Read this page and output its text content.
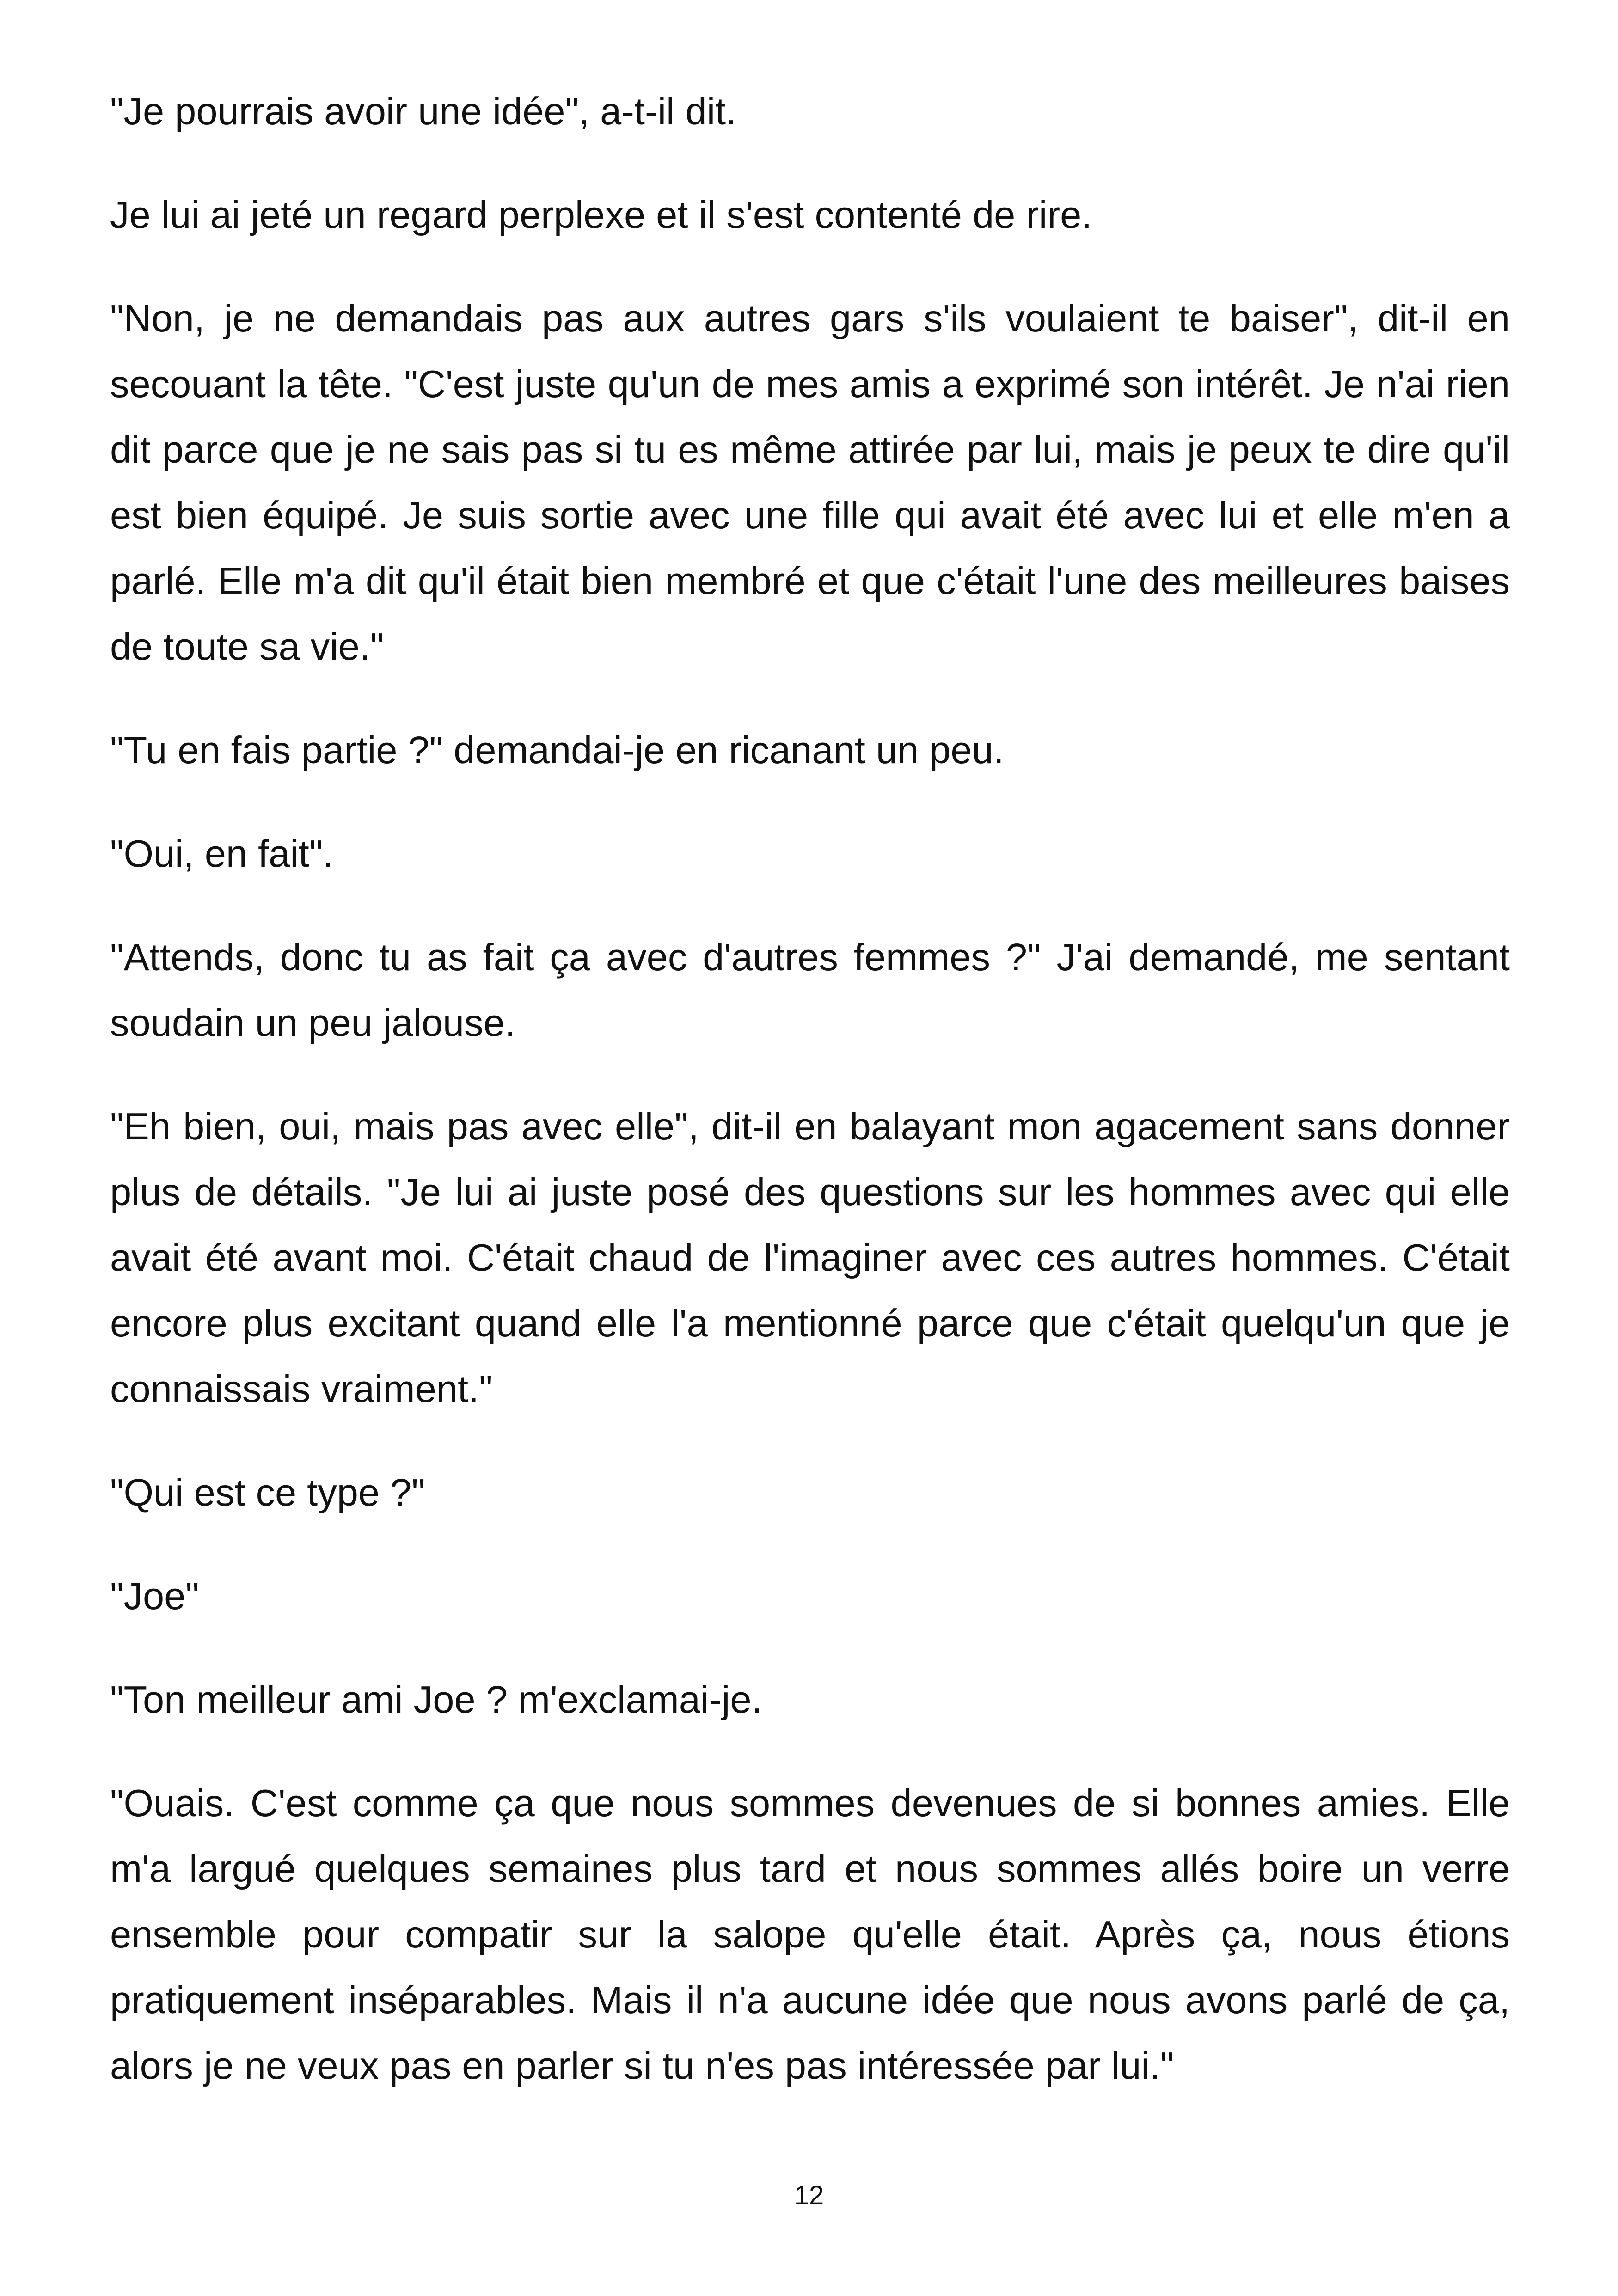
"Je pourrais avoir une idée", a-t-il dit.

Je lui ai jeté un regard perplexe et il s'est contenté de rire.

"Non, je ne demandais pas aux autres gars s'ils voulaient te baiser", dit-il en secouant la tête. "C'est juste qu'un de mes amis a exprimé son intérêt. Je n'ai rien dit parce que je ne sais pas si tu es même attirée par lui, mais je peux te dire qu'il est bien équipé. Je suis sortie avec une fille qui avait été avec lui et elle m'en a parlé. Elle m'a dit qu'il était bien membré et que c'était l'une des meilleures baises de toute sa vie."

"Tu en fais partie ?" demandai-je en ricanant un peu.

"Oui, en fait".

"Attends, donc tu as fait ça avec d'autres femmes ?" J'ai demandé, me sentant soudain un peu jalouse.

"Eh bien, oui, mais pas avec elle", dit-il en balayant mon agacement sans donner plus de détails. "Je lui ai juste posé des questions sur les hommes avec qui elle avait été avant moi. C'était chaud de l'imaginer avec ces autres hommes. C'était encore plus excitant quand elle l'a mentionné parce que c'était quelqu'un que je connaissais vraiment."

"Qui est ce type ?"

"Joe"

"Ton meilleur ami Joe ? m'exclamai-je.

"Ouais. C'est comme ça que nous sommes devenues de si bonnes amies. Elle m'a largué quelques semaines plus tard et nous sommes allés boire un verre ensemble pour compatir sur la salope qu'elle était. Après ça, nous étions pratiquement inséparables. Mais il n'a aucune idée que nous avons parlé de ça, alors je ne veux pas en parler si tu n'es pas intéressée par lui."

12
